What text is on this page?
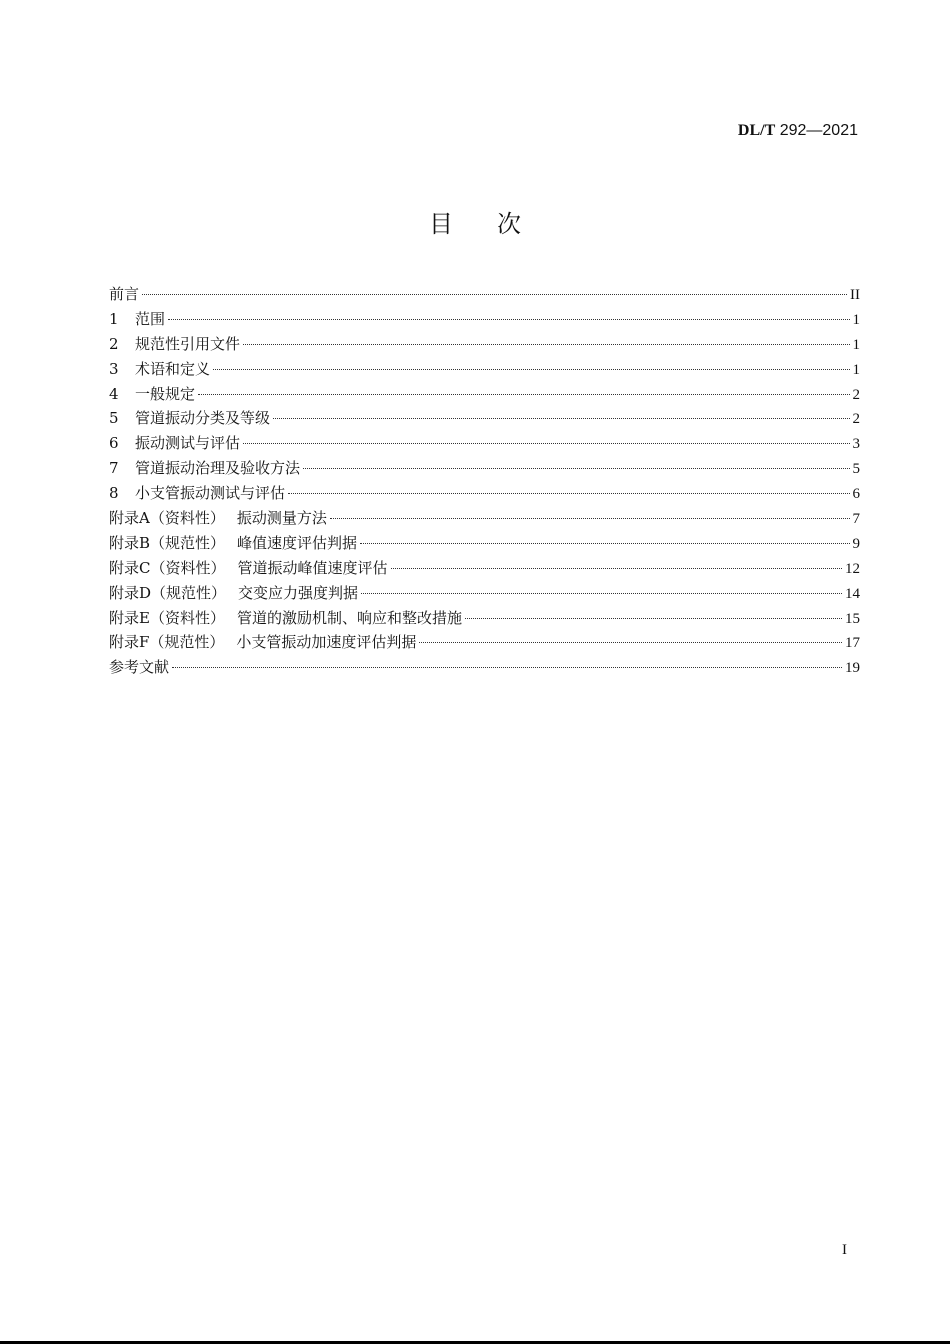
DL/T 292—2021
目次
前言	II
1 范围	1
2 规范性引用文件	1
3 术语和定义	1
4 一般规定	2
5 管道振动分类及等级	2
6 振动测试与评估	3
7 管道振动治理及验收方法	5
8 小支管振动测试与评估	6
附录A（资料性） 振动测量方法	7
附录B（规范性） 峰值速度评估判据	9
附录C（资料性） 管道振动峰值速度评估	12
附录D（规范性） 交变应力强度判据	14
附录E（资料性） 管道的激励机制、响应和整改措施	15
附录F（规范性） 小支管振动加速度评估判据	17
参考文献	19
I
